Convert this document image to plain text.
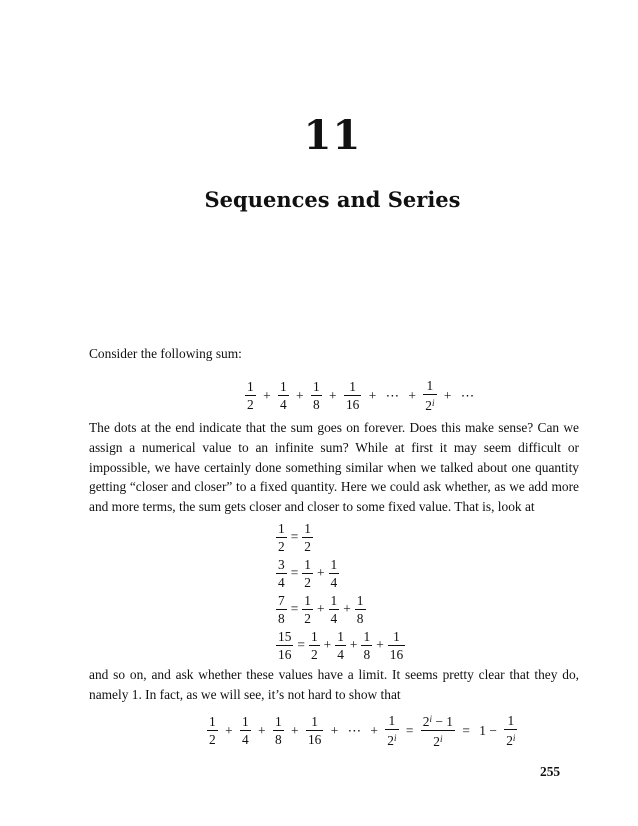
11
Sequences and Series
Consider the following sum:
$\frac{1}{2} + \frac{1}{4} + \frac{1}{8} + \frac{1}{16}$ + ⋯ + $\frac{1}{2^i}$ + ⋯
The dots at the end indicate that the sum goes on forever. Does this make sense? Can we assign a numerical value to an infinite sum? While at first it may seem difficult or impossible, we have certainly done something similar when we talked about one quantity getting “closer and closer” to a fixed quantity. Here we could ask whether, as we add more and more terms, the sum gets closer and closer to some fixed value. That is, look at
$\frac{1}{2} = \frac{1}{2}$
$\frac{3}{4} = \frac{1}{2} + \frac{1}{4}$
$\frac{7}{8} = \frac{1}{2} + \frac{1}{4} + \frac{1}{8}$
$\frac{15}{16} = \frac{1}{2} + \frac{1}{4} + \frac{1}{8} + \frac{1}{16}$
and so on, and ask whether these values have a limit. It seems pretty clear that they do, namely 1. In fact, as we will see, it’s not hard to show that
$\frac{1}{2} + \frac{1}{4} + \frac{1}{8} + \frac{1}{16}$ + ⋯ + $\frac{1}{2^i} = \frac{2^i - 1}{2^i} = 1 - \frac{1}{2^i}$
255
